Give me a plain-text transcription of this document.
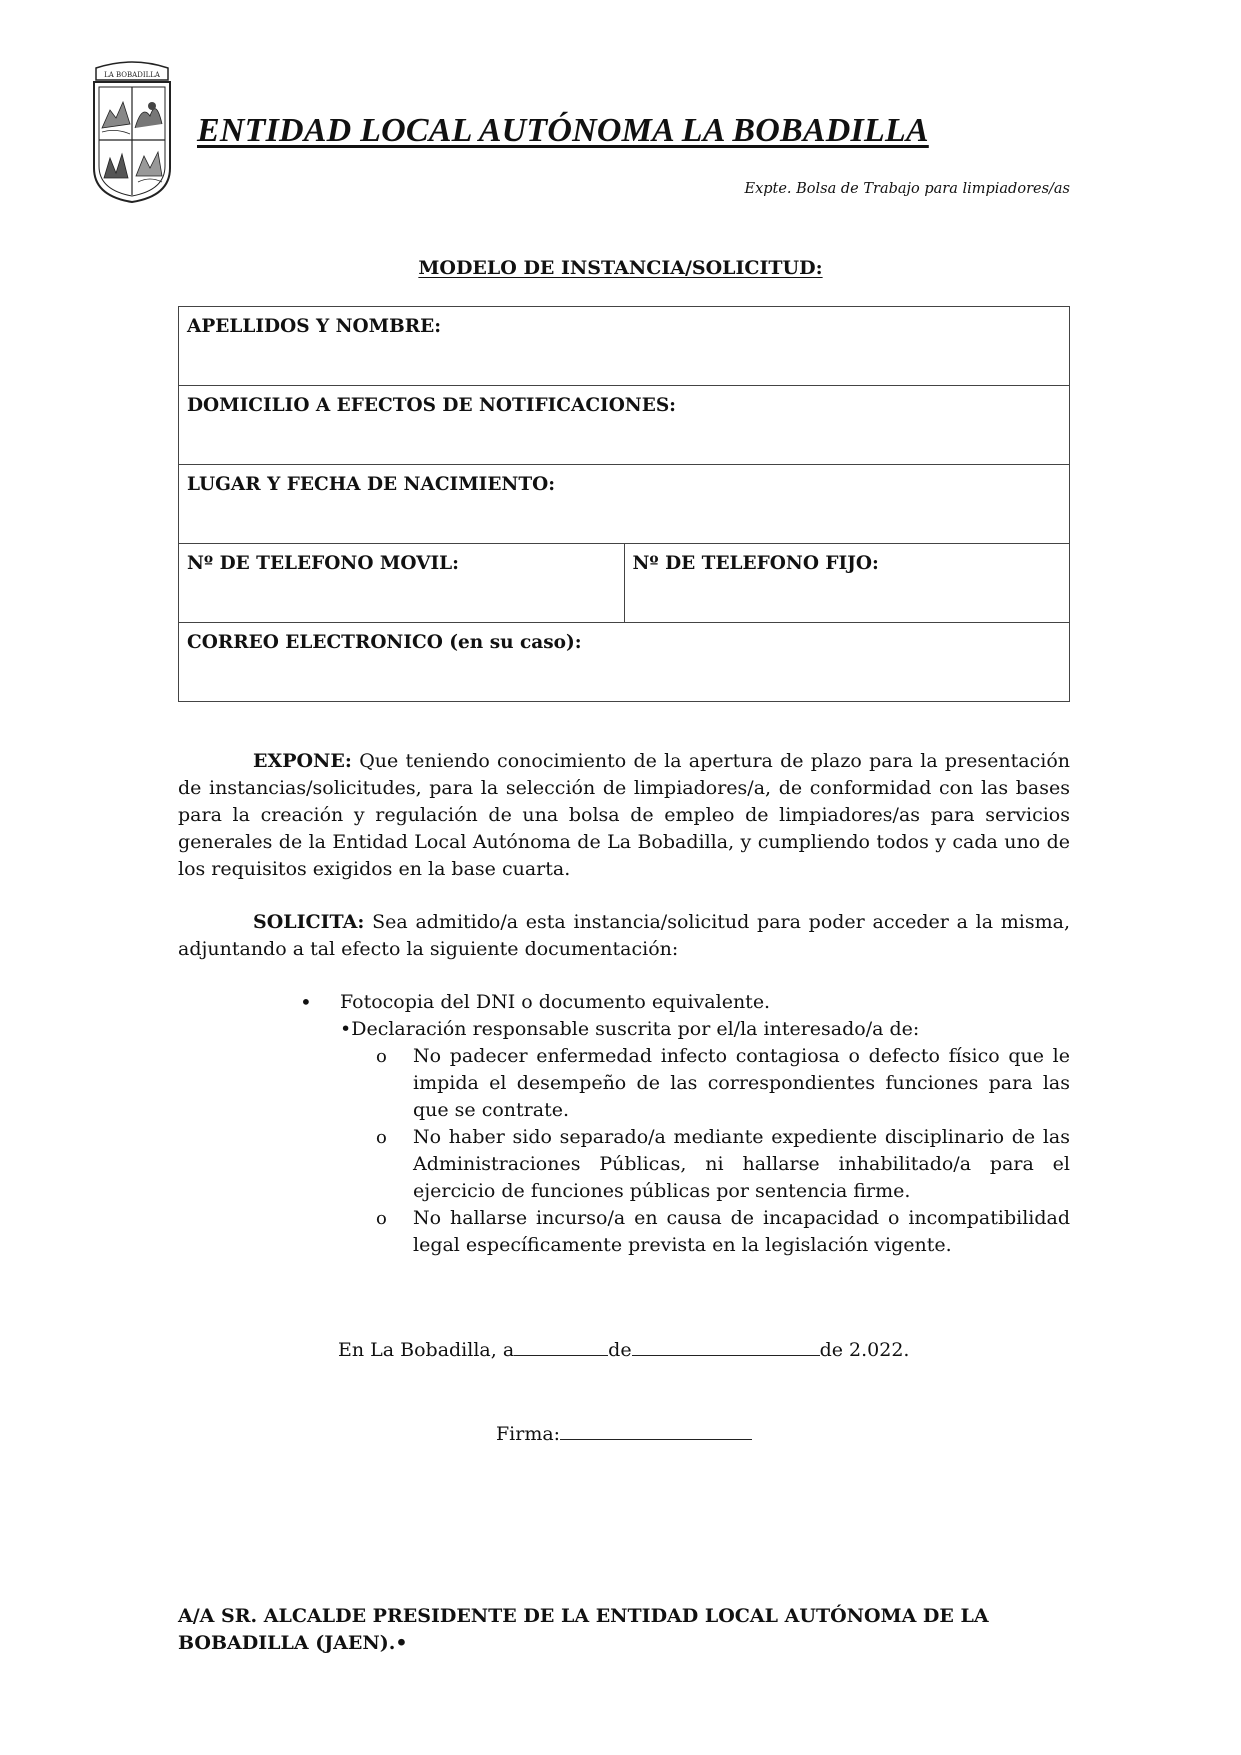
LA BOBADILLA
ENTIDAD LOCAL AUTÓNOMA LA BOBADILLA
Expte. Bolsa de Trabajo para limpiadores/as
MODELO DE INSTANCIA/SOLICITUD:
APELLIDOS Y NOMBRE:
DOMICILIO A EFECTOS DE NOTIFICACIONES:
LUGAR Y FECHA DE NACIMIENTO:
Nº DE TELEFONO MOVIL:	Nº DE TELEFONO FIJO:
CORREO ELECTRONICO (en su caso):

EXPONE: Que teniendo conocimiento de la apertura de plazo para la presentación de instancias/solicitudes, para la selección de limpiadores/a, de conformidad con las bases para la creación y regulación de una bolsa de empleo de limpiadores/as para servicios generales de la Entidad Local Autónoma de La Bobadilla, y cumpliendo todos y cada uno de los requisitos exigidos en la base cuarta.

SOLICITA: Sea admitido/a esta instancia/solicitud para poder acceder a la misma, adjuntando a tal efecto la siguiente documentación:

• Fotocopia del DNI o documento equivalente.
•Declaración responsable suscrita por el/la interesado/a de:
o No padecer enfermedad infecto contagiosa o defecto físico que le impida el desempeño de las correspondientes funciones para las que se contrate.
o No haber sido separado/a mediante expediente disciplinario de las Administraciones Públicas, ni hallarse inhabilitado/a para el ejercicio de funciones públicas por sentencia firme.
o No hallarse incurso/a en causa de incapacidad o incompatibilidad legal específicamente prevista en la legislación vigente.
En La Bobadilla, a	de	de 2.022.
Firma:

A/A SR. ALCALDE PRESIDENTE DE LA ENTIDAD LOCAL AUTÓNOMA DE LA BOBADILLA (JAEN).•
